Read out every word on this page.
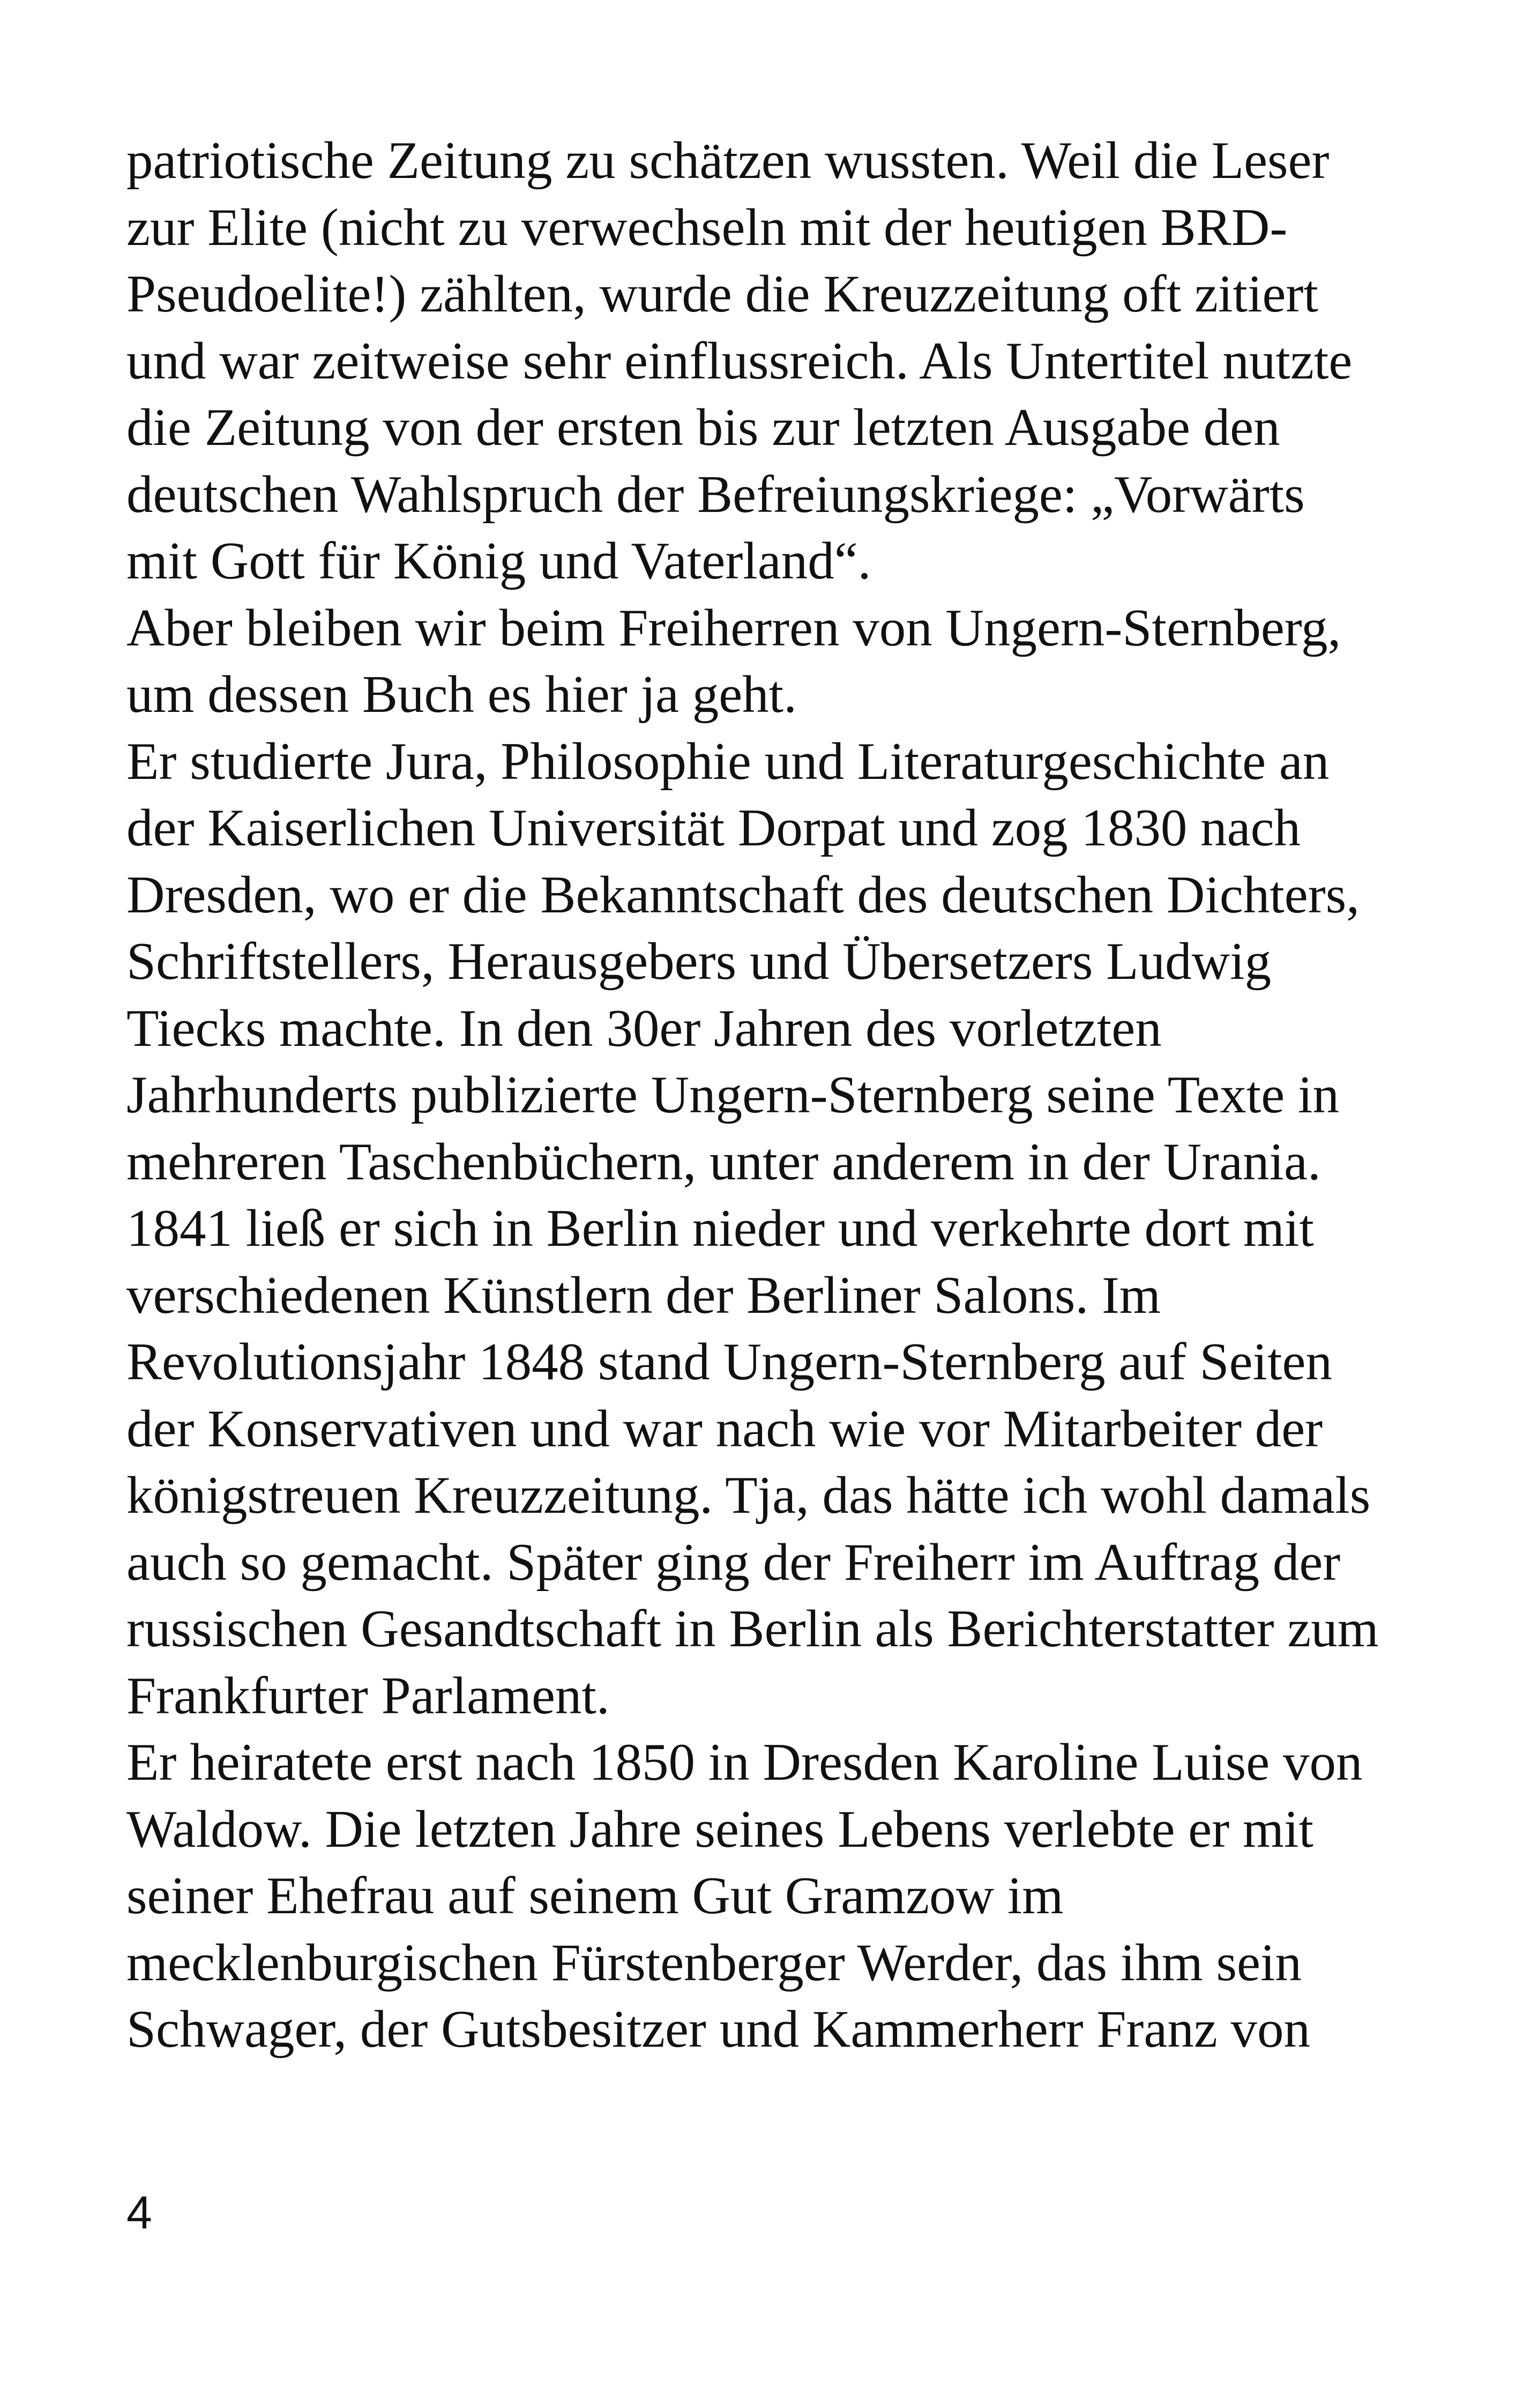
patriotische Zeitung zu schätzen wussten. Weil die Leser
zur Elite (nicht zu verwechseln mit der heutigen BRD-
Pseudoelite!) zählten, wurde die Kreuzzeitung oft zitiert
und war zeitweise sehr einflussreich. Als Untertitel nutzte
die Zeitung von der ersten bis zur letzten Ausgabe den
deutschen Wahlspruch der Befreiungskriege: „Vorwärts
mit Gott für König und Vaterland“.
Aber bleiben wir beim Freiherren von Ungern-Sternberg,
um dessen Buch es hier ja geht.
Er studierte Jura, Philosophie und Literaturgeschichte an
der Kaiserlichen Universität Dorpat und zog 1830 nach
Dresden, wo er die Bekanntschaft des deutschen Dichters,
Schriftstellers, Herausgebers und Übersetzers Ludwig
Tiecks machte. In den 30er Jahren des vorletzten
Jahrhunderts publizierte Ungern-Sternberg seine Texte in
mehreren Taschenbüchern, unter anderem in der Urania.
1841 ließ er sich in Berlin nieder und verkehrte dort mit
verschiedenen Künstlern der Berliner Salons. Im
Revolutionsjahr 1848 stand Ungern-Sternberg auf Seiten
der Konservativen und war nach wie vor Mitarbeiter der
königstreuen Kreuzzeitung. Tja, das hätte ich wohl damals
auch so gemacht. Später ging der Freiherr im Auftrag der
russischen Gesandtschaft in Berlin als Berichterstatter zum
Frankfurter Parlament.
Er heiratete erst nach 1850 in Dresden Karoline Luise von
Waldow. Die letzten Jahre seines Lebens verlebte er mit
seiner Ehefrau auf seinem Gut Gramzow im
mecklenburgischen Fürstenberger Werder, das ihm sein
Schwager, der Gutsbesitzer und Kammerherr Franz von
4
